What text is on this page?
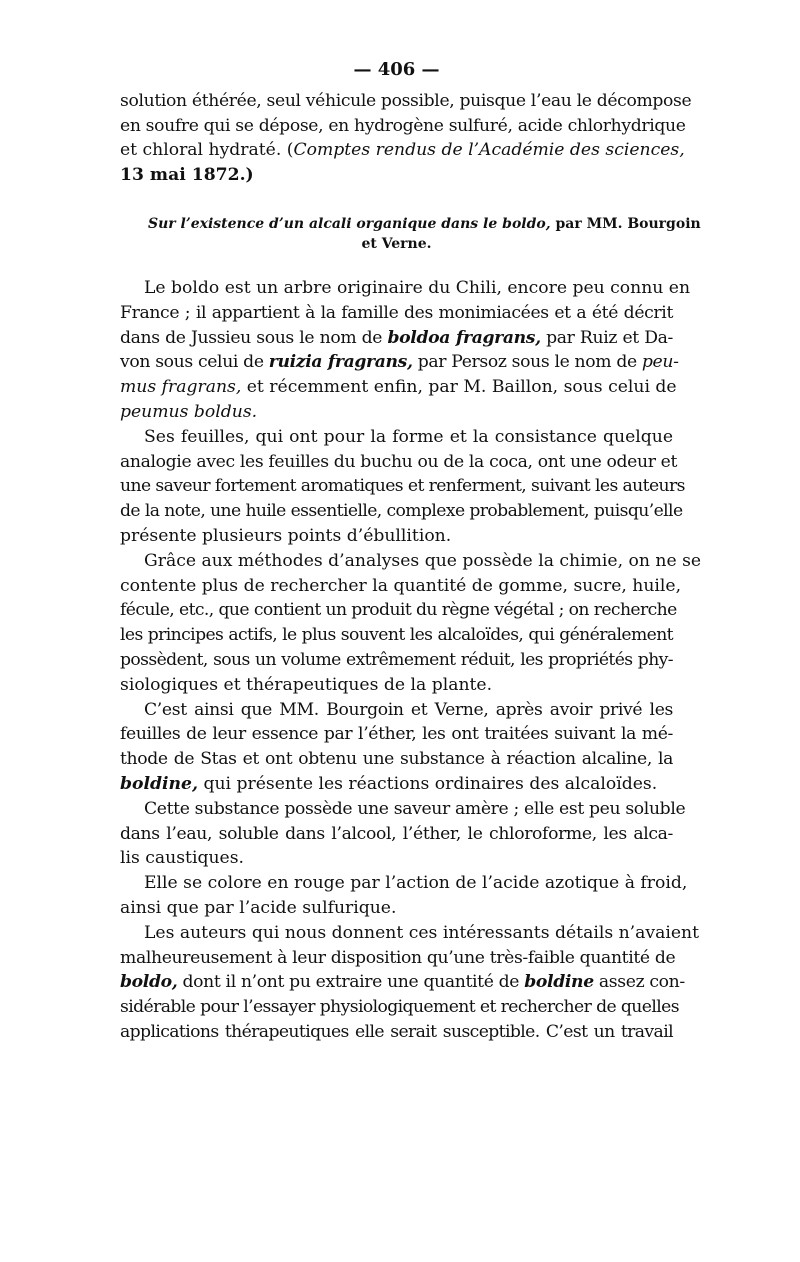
— 406 —
solution éthérée, seul véhicule possible, puisque l’eau le décompose
en soufre qui se dépose, en hydrogène sulfuré, acide chlorhydrique
et chloral hydraté. (Comptes rendus de l’Académie des sciences,
13 mai 1872.)
Sur l’existence d’un alcali organique dans le boldo, par MM. Bourgoin
et Verne.
Le boldo est un arbre originaire du Chili, encore peu connu en
France ; il appartient à la famille des monimiacées et a été décrit
dans de Jussieu sous le nom de boldoa fragrans, par Ruiz et Da-
von sous celui de ruizia fragrans, par Persoz sous le nom de peu-
mus fragrans, et récemment enfin, par M. Baillon, sous celui de
peumus boldus.
Ses feuilles, qui ont pour la forme et la consistance quelque
analogie avec les feuilles du buchu ou de la coca, ont une odeur et
une saveur fortement aromatiques et renferment, suivant les auteurs
de la note, une huile essentielle, complexe probablement, puisqu’elle
présente plusieurs points d’ébullition.
Grâce aux méthodes d’analyses que possède la chimie, on ne se
contente plus de rechercher la quantité de gomme, sucre, huile,
fécule, etc., que contient un produit du règne végétal ; on recherche
les principes actifs, le plus souvent les alcaloïdes, qui généralement
possèdent, sous un volume extrêmement réduit, les propriétés phy-
siologiques et thérapeutiques de la plante.
C’est ainsi que MM. Bourgoin et Verne, après avoir privé les
feuilles de leur essence par l’éther, les ont traitées suivant la mé-
thode de Stas et ont obtenu une substance à réaction alcaline, la
boldine, qui présente les réactions ordinaires des alcaloïdes.
Cette substance possède une saveur amère ; elle est peu soluble
dans l’eau, soluble dans l’alcool, l’éther, le chloroforme, les alca-
lis caustiques.
Elle se colore en rouge par l’action de l’acide azotique à froid,
ainsi que par l’acide sulfurique.
Les auteurs qui nous donnent ces intéressants détails n’avaient
malheureusement à leur disposition qu’une très-faible quantité de
boldo, dont il n’ont pu extraire une quantité de boldine assez con-
sidérable pour l’essayer physiologiquement et rechercher de quelles
applications thérapeutiques elle serait susceptible. C’est un travail
